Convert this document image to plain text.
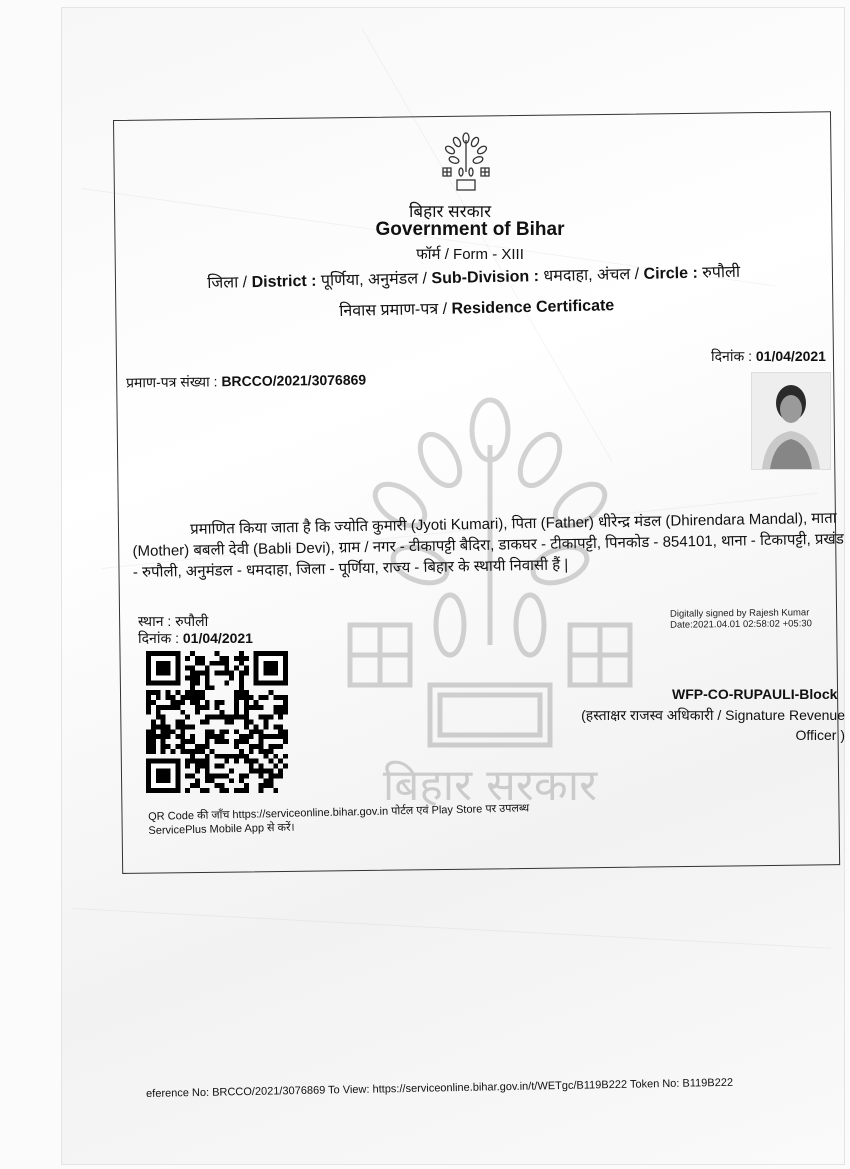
बिहार सरकार
बिहार सरकार
Government of Bihar
फॉर्म / Form - XIII
जिला / District : पूर्णिया, अनुमंडल / Sub-Division : धमदाहा, अंचल / Circle : रुपौली
निवास प्रमाण-पत्र / Residence Certificate
दिनांक : 01/04/2021
प्रमाण-पत्र संख्या : BRCCO/2021/3076869
प्रमाणित किया जाता है कि ज्योति कुमारी (Jyoti Kumari), पिता (Father) धीरेन्द्र मंडल (Dhirendara Mandal), माता (Mother) बबली देवी (Babli Devi), ग्राम / नगर - टीकापट्टी बैदिरा, डाकघर - टीकापट्टी, पिनकोड - 854101, थाना - टिकापट्टी, प्रखंड - रुपौली, अनुमंडल - धमदाहा, जिला - पूर्णिया, राज्य - बिहार के स्थायी निवासी हैं |
स्थान : रुपौली
दिनांक : 01/04/2021
QR Code की जाँच https://serviceonline.bihar.gov.in पोर्टल एवं Play Store पर उपलब्ध ServicePlus Mobile App से करें।
Digitally signed by Rajesh Kumar
Date:2021.04.01 02:58:02 +05:30
WFP-CO-RUPAULI-Block
(हस्ताक्षर राजस्व अधिकारी / Signature Revenue Officer )
eference No: BRCCO/2021/3076869 To View: https://serviceonline.bihar.gov.in/t/WETgc/B119B222 Token No: B119B222
